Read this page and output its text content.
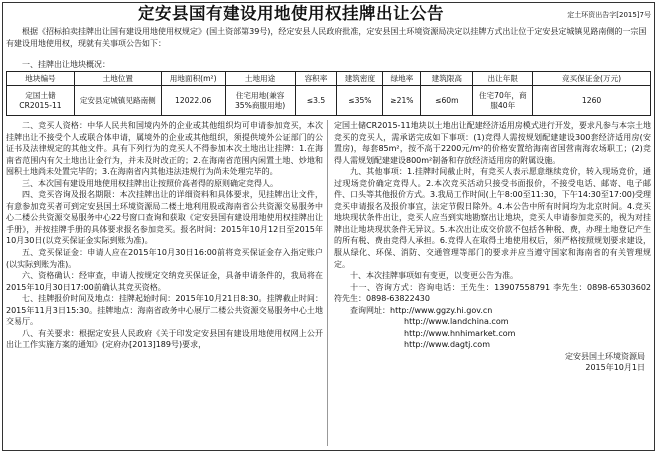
定安县国有建设用地使用权挂牌出让公告	定土环资出告字[2015]7号

根据《招标拍卖挂牌出让国有建设用地使用权规定》(国土资部第39号)，经定安县人民政府批准，定安县国土环境资源局决定以挂牌方式出让位于定安县定城镇见路南侧的一宗国有建设用地使用权，现就有关事项公告如下：

一、挂牌出让地块概况：
地块编号	土地位置	用地面积(m²)	土地用途	容积率	建筑密度	绿地率	建筑限高	出让年限	竞买保证金(万元)
定国土储CR2015-11	定安县定城镇见路南侧	12022.06	住宅用地(兼容35%商服用地)	≤3.5	≤35%	≥21%	≤60m	住宅70年，商服40年	1260

二、竞买人资格：中华人民共和国境内外的企业或其他组织均可申请参加竞买，本次挂牌出让不接受个人或联合体申请，属境外的企业或其他组织，须提供境外公证部门的公证书及法律规定的其他文件。具有下列行为的竞买人不得参加本次土地出让挂牌：1.在海南省范围内有欠土地出让金行为，并未及时改正的；2.在海南省范围内闲置土地、炒地和囤积土地尚未处置完毕的；3.在海南省内其他违法违规行为尚未处理完毕的。

三、本次国有建设用地使用权挂牌出让按照价高者得的原则确定竞得人。

四、竞买咨询及报名期限：本次挂牌出让的详细资料和具体要求，见挂牌出让文件，有意参加竞买者可到定安县国土环境资源局二楼土地利用股或海南省公共资源交易服务中心二楼公共资源交易服务中心22号窗口查询和获取《定安县国有建设用地使用权挂牌出让手册》，并按挂牌手册的具体要求报名参加竞买。报名时间：2015年10月12日至2015年10月30日(以竞买保证金实际到账为准)。

五、竞买保证金：申请人应在2015年10月30日16:00前将竞买保证金存入指定账户(以实际到账为准)。

六、资格确认：经审查，申请人按规定交纳竞买保证金，具备申请条件的，我局将在2015年10月30日17:00前确认其竞买资格。

七、挂牌报价时间及地点：挂牌起始时间：2015年10月21日8:30。挂牌截止时间：2015年11月3日15:30。挂牌地点：海南省政务中心展厅二楼公共资源交易服务中心土地交易厅。

八、有关要求：根据定安县人民政府《关于印发定安县国有建设用地使用权网上公开出让工作实施方案的通知》(定府办[2013]189号)要求，

定国土储CR2015-11地块以土地出让配建经济适用房模式进行开发，要求凡参与本宗土地竞买的竞买人，需承诺完成如下事项：(1)竞得人需按规划配建建设300套经济适用房(安置房)，每套85m²，按不高于2200元/m²的价格安置给海南省国营南海农场职工；(2)竞得人需规划配建建设800m²制备和存放经济适用房的附属设施。

九、其他事项：1.挂牌时间截止时，有竞买人表示愿意继续竞价，转入现场竞价，通过现场竞价确定竞得人。2.本次竞买活动只接受书面报价，不接受电话、邮寄、电子邮件、口头等其他报价方式。3.我局工作时间(上午8:00至11:30，下午14:30至17:00)受理竞买申请报名及报价事宜，法定节假日除外。4.本公告中所有时间均为北京时间。4.竞买地块现状条件出让，竞买人应当到实地勘察出让地块，竞买人申请参加竞买的，视为对挂牌出让地块现状条件无异议。5.本次出让成交价款不包括各种税、费，办理土地登记产生的所有税、费由竞得人承担。6.竞得人在取得土地使用权后，须严格按照规划要求建设，服从绿化、环保、消防、交通管理等部门的要求并应当遵守国家和海南省的有关管理规定。

十、本次挂牌事项如有变更，以变更公告为准。

十一、咨询方式：咨询电话：王先生：13907558791 李先生：0898-65303602 符先生：0898-63822430

查询网址：http://www.ggzy.hi.gov.cn

http://www.landchina.com
http://www.hnhimarket.com
http://www.dagtj.com
定安县国土环境资源局
2015年10月1日
